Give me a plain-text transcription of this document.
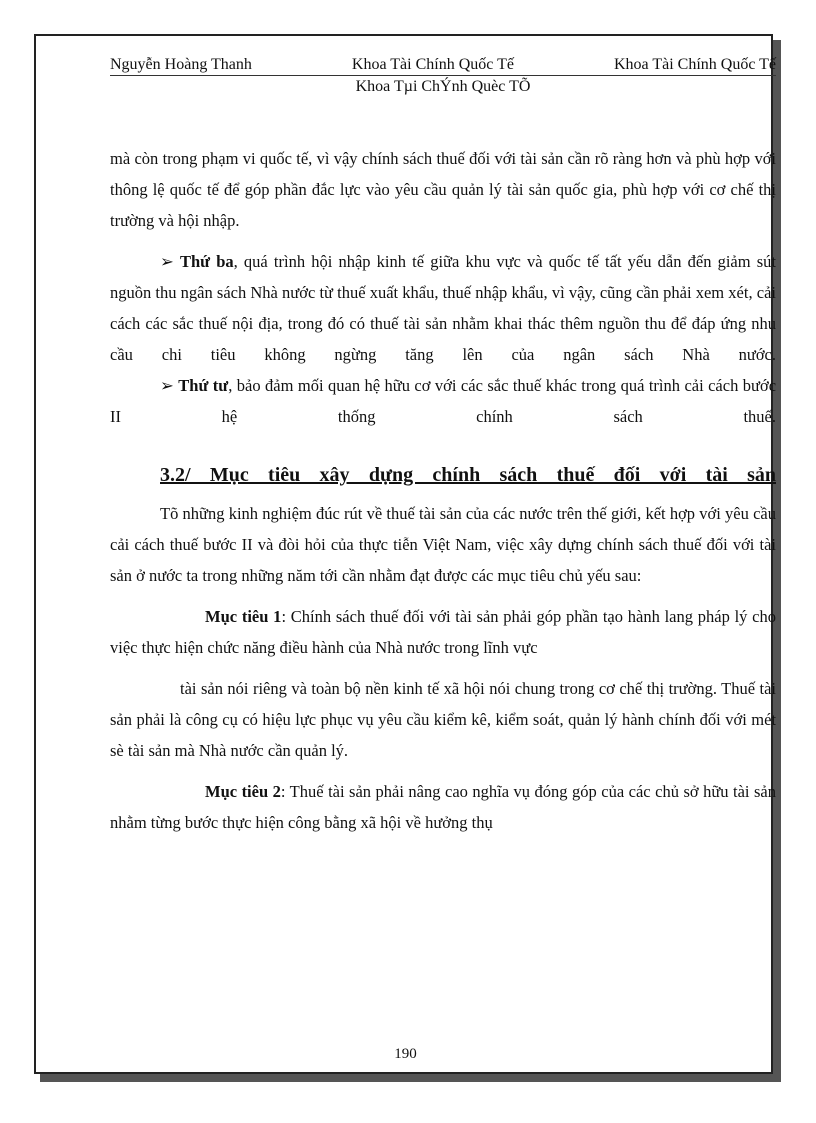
Nguyễn Hoàng Thanh	Khoa Tài Chính Quốc Tế	Khoa Tài Chính Quốc Tế
Khoa Tµi ChÝnh Quèc TÕ

mà còn trong phạm vi quốc tế, vì vậy chính sách thuế đối với tài sản cần rõ ràng hơn và phù hợp với thông lệ quốc tế để góp phần đắc lực vào yêu cầu quản lý tài sản quốc gia, phù hợp với cơ chế thị trường và hội nhập.

➢ Thứ ba, quá trình hội nhập kinh tế giữa khu vực và quốc tế tất yếu dẫn đến giảm sút nguồn thu ngân sách Nhà nước từ thuế xuất khẩu, thuế nhập khẩu, vì vậy, cũng cần phải xem xét, cải cách các sắc thuế nội địa, trong đó có thuế tài sản nhằm khai thác thêm nguồn thu để đáp ứng nhu cầu chi tiêu không ngừng tăng lên của ngân sách Nhà nước.

➢ Thứ tư, bảo đảm mối quan hệ hữu cơ với các sắc thuế khác trong quá trình cải cách bước II hệ thống chính sách thuế.

3.2/ Mục tiêu xây dựng chính sách thuế đối với tài sản

Tõ những kinh nghiệm đúc rút về thuế tài sản của các nước trên thế giới, kết hợp với yêu cầu cải cách thuế bước II và đòi hỏi của thực tiễn Việt Nam, việc xây dựng chính sách thuế đối với tài sản ở nước ta trong những năm tới cần nhằm đạt được các mục tiêu chủ yếu sau:

Mục tiêu 1: Chính sách thuế đối với tài sản phải góp phần tạo hành lang pháp lý cho việc thực hiện chức năng điều hành của Nhà nước trong lĩnh vực

tài sản nói riêng và toàn bộ nền kinh tế xã hội nói chung trong cơ chế thị trường. Thuế tài sản phải là công cụ có hiệu lực phục vụ yêu cầu kiểm kê, kiểm soát, quản lý hành chính đối với mét sè tài sản mà Nhà nước cần quản lý.

Mục tiêu 2: Thuế tài sản phải nâng cao nghĩa vụ đóng góp của các chủ sở hữu tài sản nhằm từng bước thực hiện công bằng xã hội về hưởng thụ

190
